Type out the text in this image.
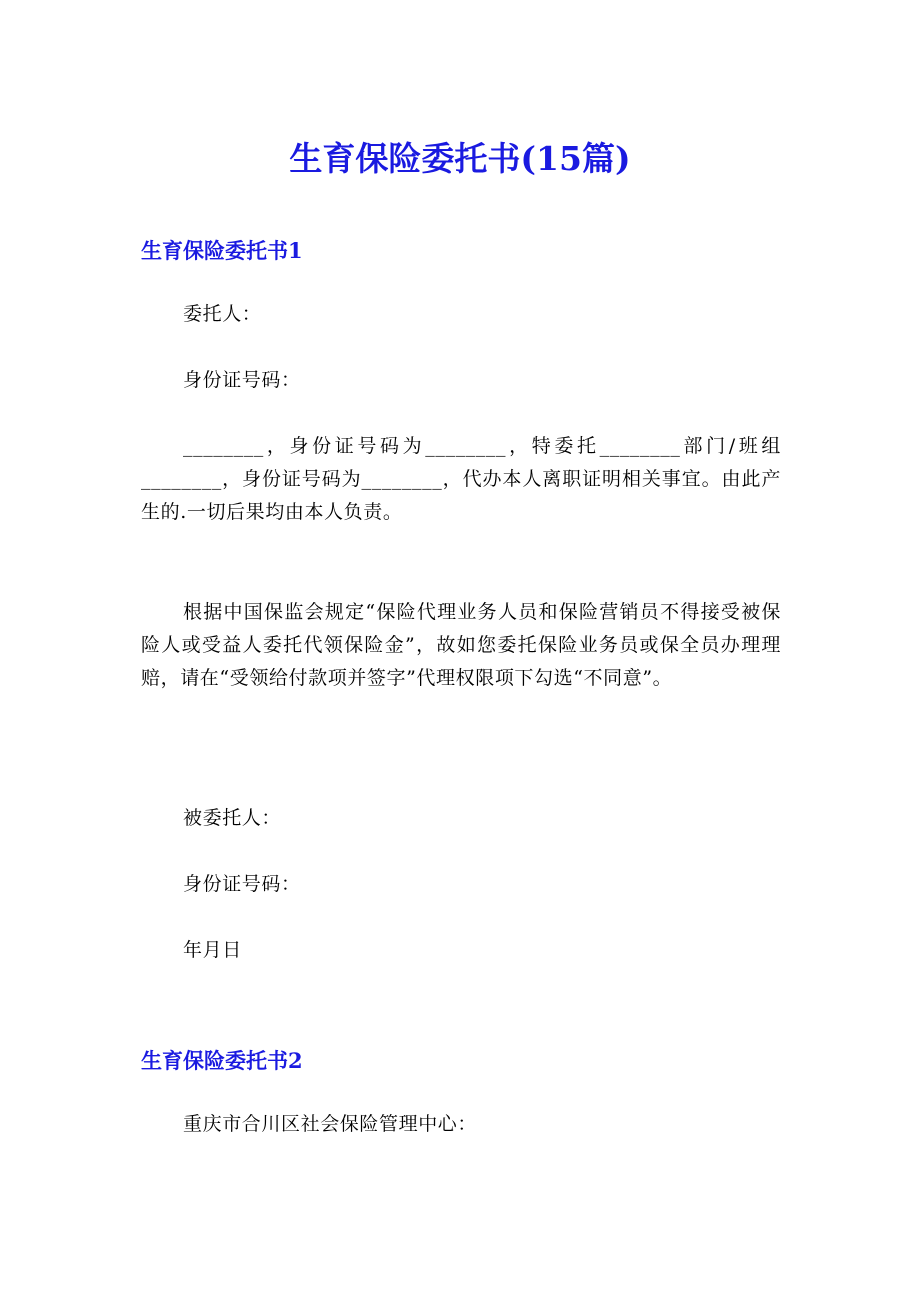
生育保险委托书(15篇)
生育保险委托书1

委托人：

身份证号码：

________，身份证号码为________，特委托________部门/班组________，身份证号码为________，代办本人离职证明相关事宜。由此产生的.一切后果均由本人负责。

根据中国保监会规定“保险代理业务人员和保险营销员不得接受被保险人或受益人委托代领保险金”，故如您委托保险业务员或保全员办理理赔，请在“受领给付款项并签字”代理权限项下勾选“不同意”。

被委托人：

身份证号码：

年月日

生育保险委托书2

重庆市合川区社会保险管理中心：
